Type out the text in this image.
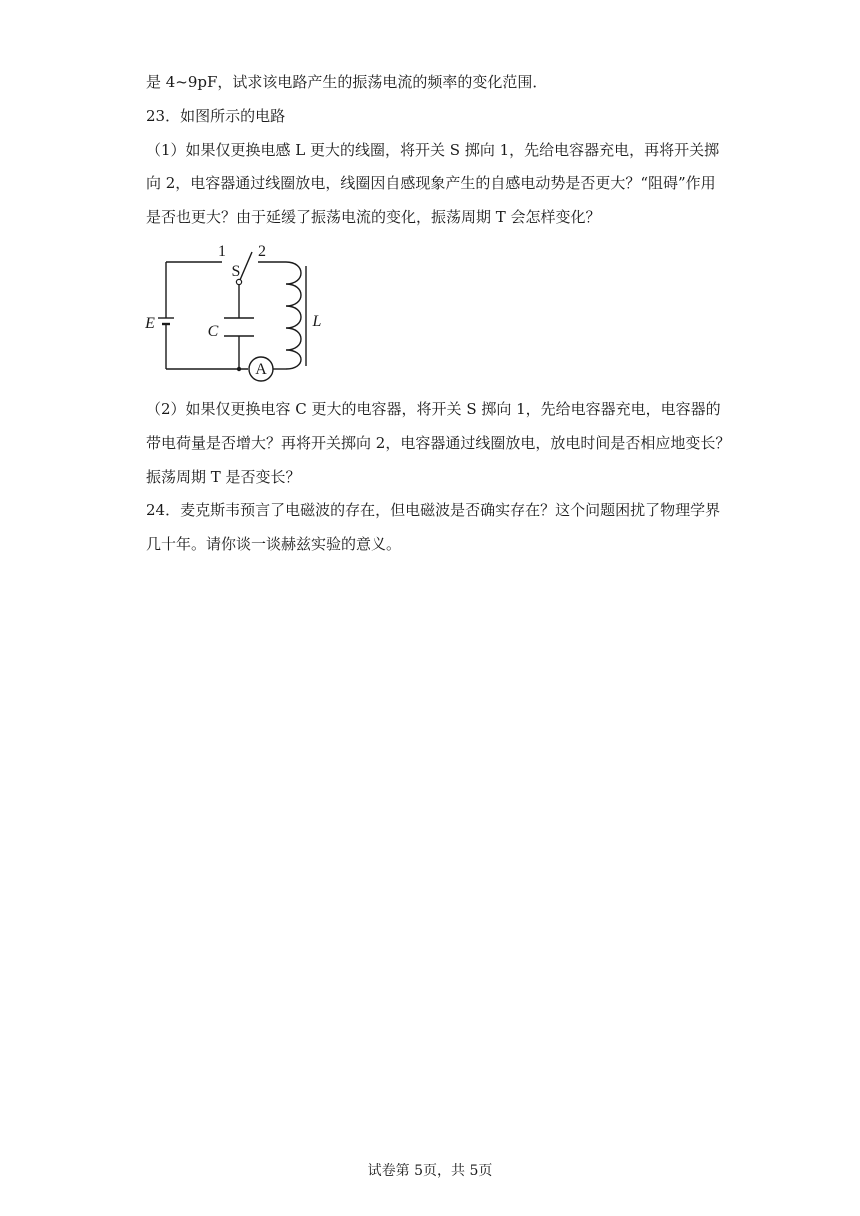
是 4~9pF，试求该电路产生的振荡电流的频率的变化范围．
23．如图所示的电路
（1）如果仅更换电感 L 更大的线圈，将开关 S 掷向 1，先给电容器充电，再将开关掷
向 2，电容器通过线圈放电，线圈因自感现象产生的自感电动势是否更大？“阻碍”作用
是否也更大？由于延缓了振荡电流的变化，振荡周期 T 会怎样变化？
A
1 2
S
E	C
L
（2）如果仅更换电容 C 更大的电容器，将开关 S 掷向 1，先给电容器充电，电容器的
带电荷量是否增大？再将开关掷向 2，电容器通过线圈放电，放电时间是否相应地变长？
振荡周期 T 是否变长？
24．麦克斯韦预言了电磁波的存在，但电磁波是否确实存在？这个问题困扰了物理学界
几十年。请你谈一谈赫兹实验的意义。
试卷第 5页，共 5页
